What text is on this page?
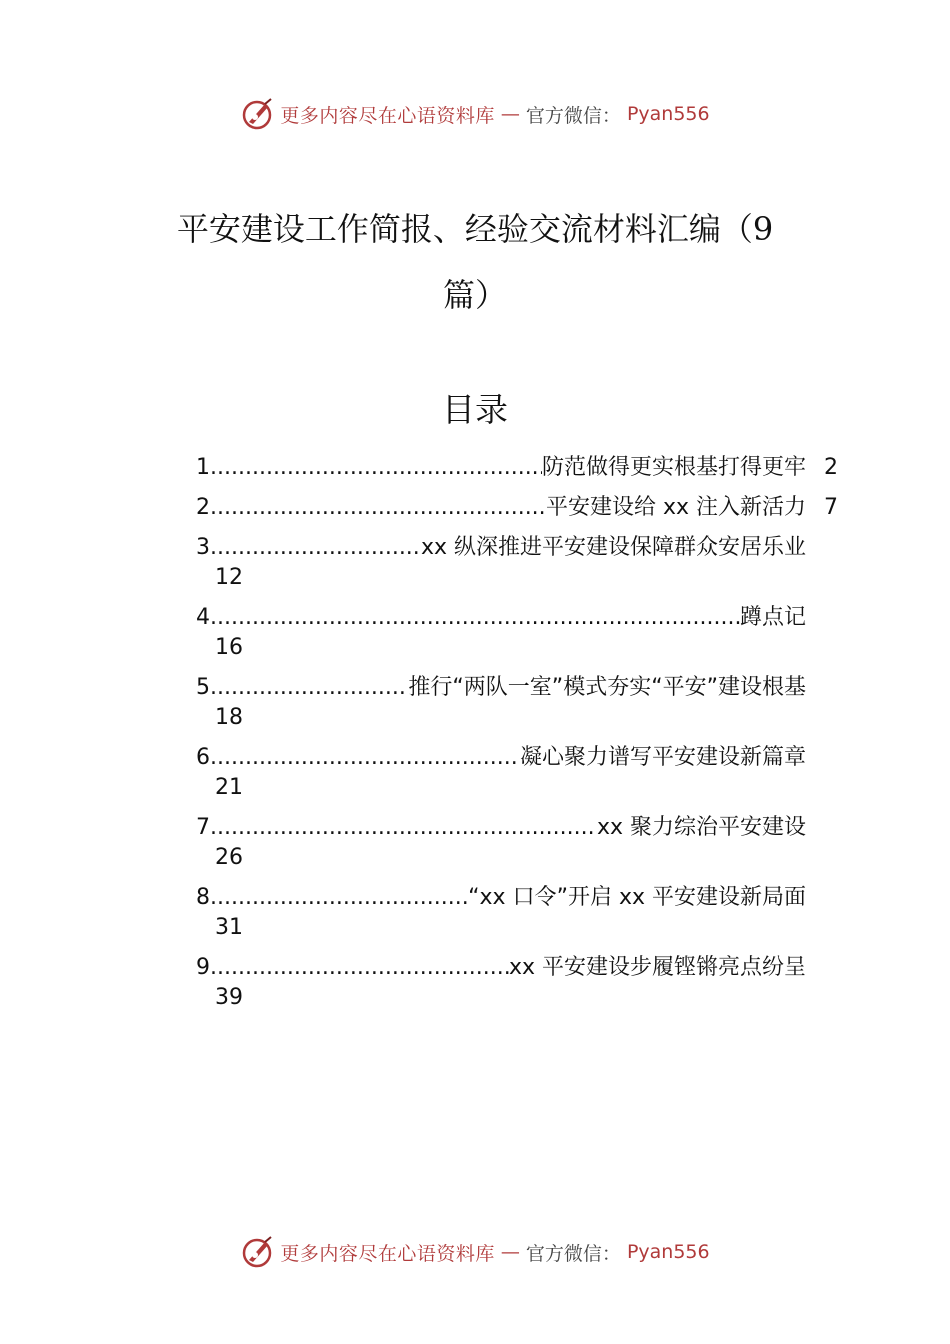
更多内容尽在心语资料库 — 官方微信： Pyan556
平安建设工作简报、经验交流材料汇编（9
篇）
目录
1 .....	防范做得更实根基打得更牢 2
2 .....	平安建设给 xx 注入新活力 7
3 .....	xx 纵深推进平安建设保障群众安居乐业
12
4 .....	蹲点记
16
5 .....	推行“两队一室”模式夯实“平安”建设根基
18
6 .....	凝心聚力谱写平安建设新篇章
21
7 .....	xx 聚力综治平安建设
26
8 .....	“xx 口令”开启 xx 平安建设新局面
31
9 .....	xx 平安建设步履铿锵亮点纷呈
39
更多内容尽在心语资料库 — 官方微信： Pyan556
